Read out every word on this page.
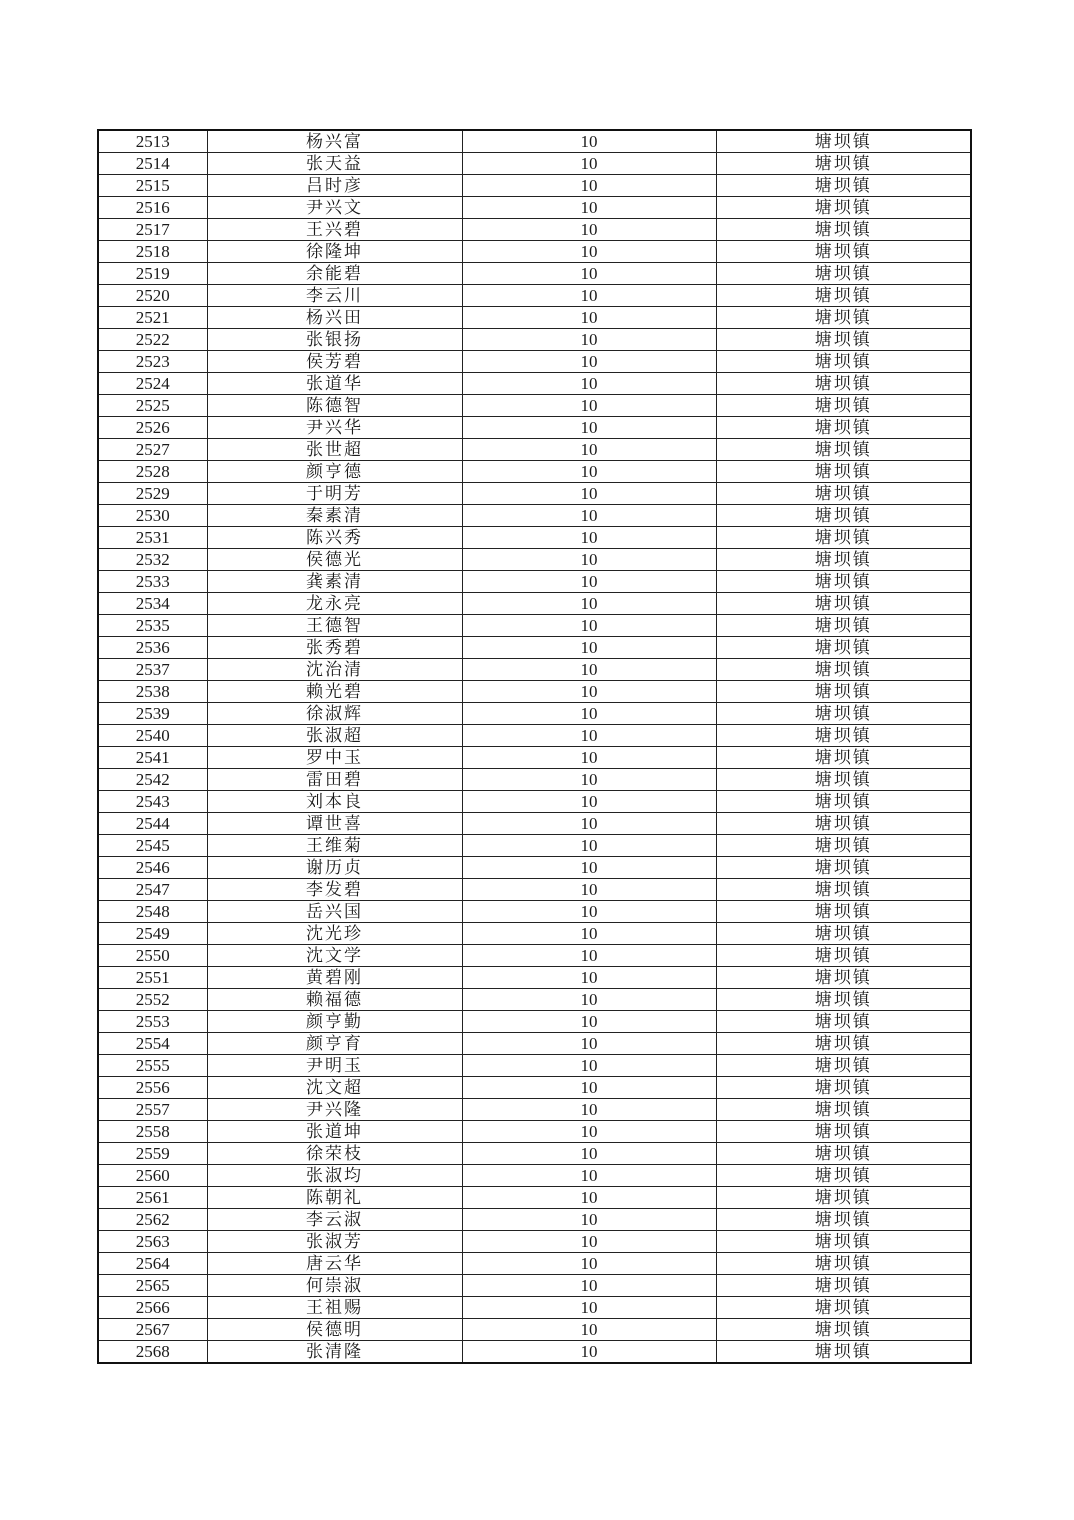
2513	杨兴富	10	塘坝镇
2514	张天益	10	塘坝镇
2515	吕时彦	10	塘坝镇
2516	尹兴文	10	塘坝镇
2517	王兴碧	10	塘坝镇
2518	徐隆坤	10	塘坝镇
2519	余能碧	10	塘坝镇
2520	李云川	10	塘坝镇
2521	杨兴田	10	塘坝镇
2522	张银扬	10	塘坝镇
2523	侯芳碧	10	塘坝镇
2524	张道华	10	塘坝镇
2525	陈德智	10	塘坝镇
2526	尹兴华	10	塘坝镇
2527	张世超	10	塘坝镇
2528	颜亨德	10	塘坝镇
2529	于明芳	10	塘坝镇
2530	秦素清	10	塘坝镇
2531	陈兴秀	10	塘坝镇
2532	侯德光	10	塘坝镇
2533	龚素清	10	塘坝镇
2534	龙永亮	10	塘坝镇
2535	王德智	10	塘坝镇
2536	张秀碧	10	塘坝镇
2537	沈治清	10	塘坝镇
2538	赖光碧	10	塘坝镇
2539	徐淑辉	10	塘坝镇
2540	张淑超	10	塘坝镇
2541	罗中玉	10	塘坝镇
2542	雷田碧	10	塘坝镇
2543	刘本良	10	塘坝镇
2544	谭世喜	10	塘坝镇
2545	王维菊	10	塘坝镇
2546	谢历贞	10	塘坝镇
2547	李发碧	10	塘坝镇
2548	岳兴国	10	塘坝镇
2549	沈光珍	10	塘坝镇
2550	沈文学	10	塘坝镇
2551	黄碧刚	10	塘坝镇
2552	赖福德	10	塘坝镇
2553	颜亨勤	10	塘坝镇
2554	颜亨育	10	塘坝镇
2555	尹明玉	10	塘坝镇
2556	沈文超	10	塘坝镇
2557	尹兴隆	10	塘坝镇
2558	张道坤	10	塘坝镇
2559	徐荣枝	10	塘坝镇
2560	张淑均	10	塘坝镇
2561	陈朝礼	10	塘坝镇
2562	李云淑	10	塘坝镇
2563	张淑芳	10	塘坝镇
2564	唐云华	10	塘坝镇
2565	何崇淑	10	塘坝镇
2566	王祖赐	10	塘坝镇
2567	侯德明	10	塘坝镇
2568	张清隆	10	塘坝镇
